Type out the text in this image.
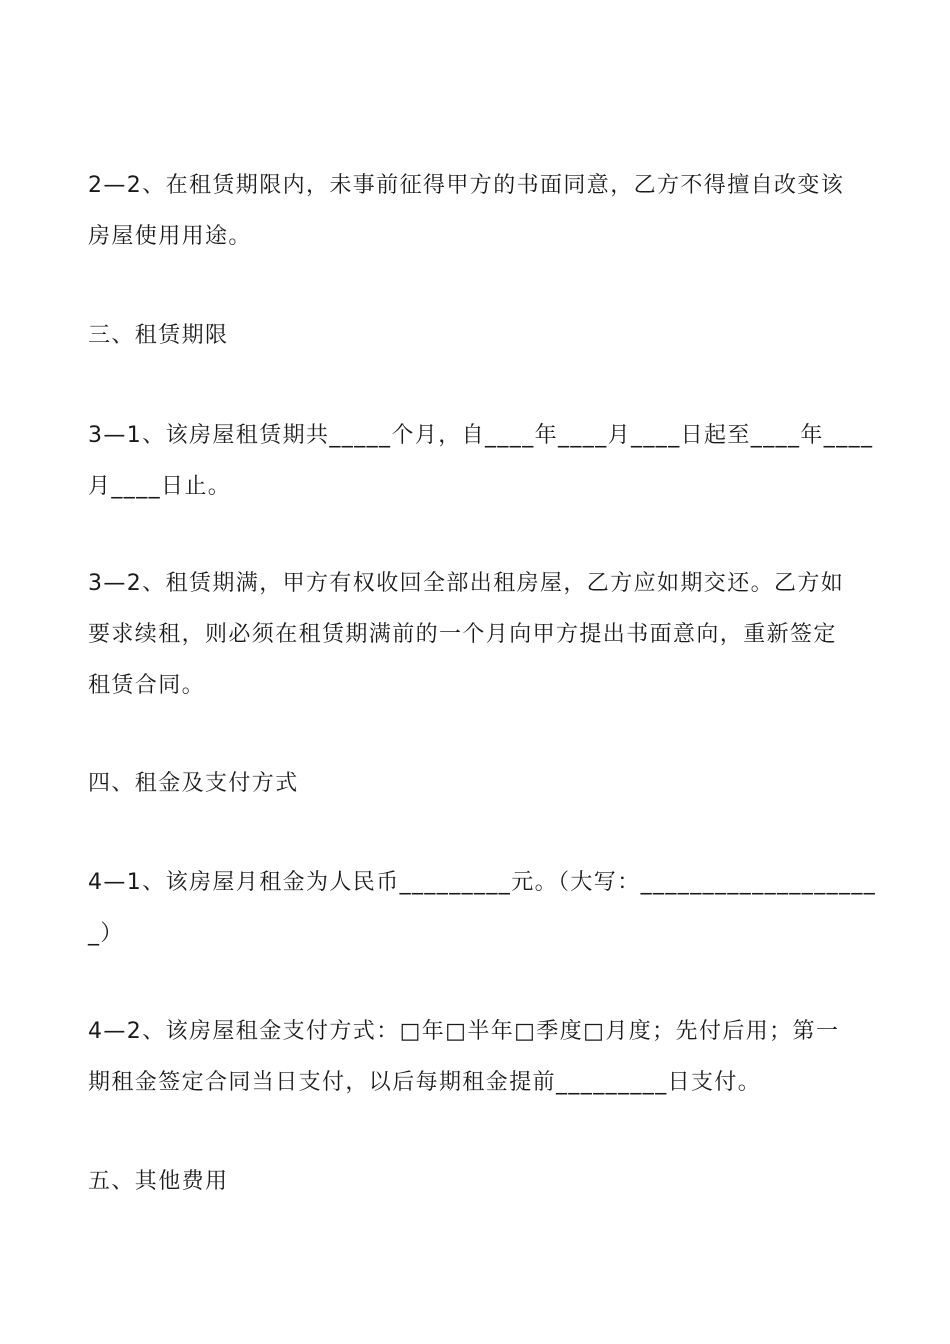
2—2、在租赁期限内，未事前征得甲方的书面同意，乙方不得擅自改变该
房屋使用用途。

三、租赁期限

3—1、该房屋租赁期共_____个月，自____年____月____日起至____年____
月____日止。

3—2、租赁期满，甲方有权收回全部出租房屋，乙方应如期交还。乙方如
要求续租，则必须在租赁期满前的一个月向甲方提出书面意向，重新签定
租赁合同。

四、租金及支付方式

4—1、该房屋月租金为人民币_________元。（大写：___________________
_）

4—2、该房屋租金支付方式：□年□半年□季度□月度；先付后用；第一
期租金签定合同当日支付，以后每期租金提前_________日支付。

五、其他费用
